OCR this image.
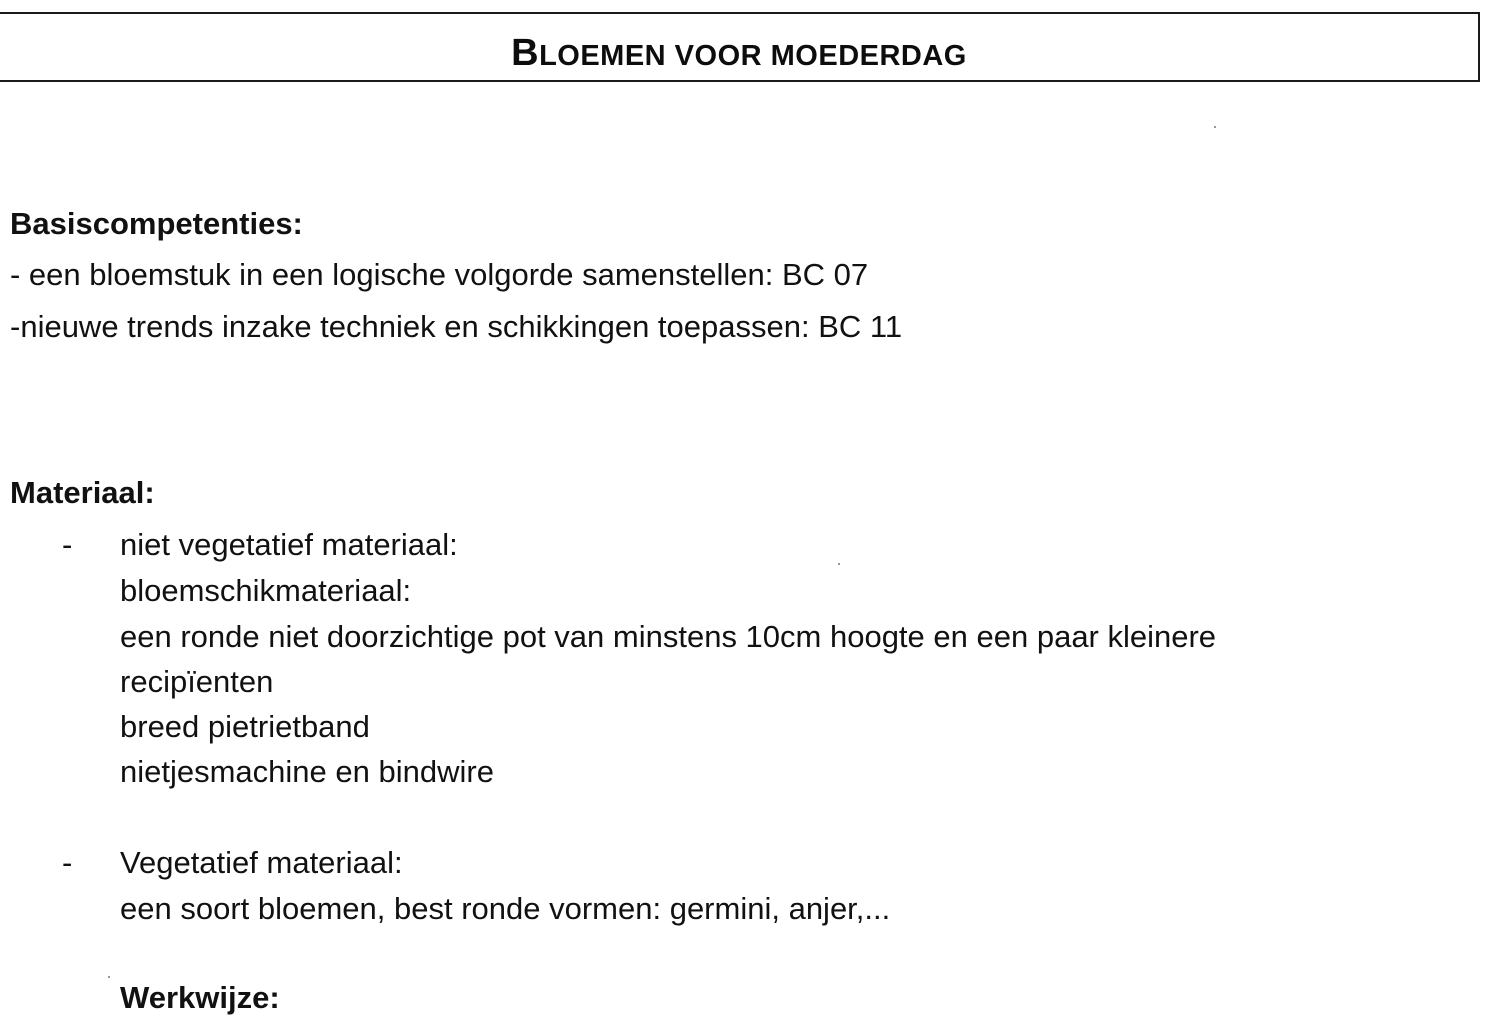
BLOEMEN VOOR MOEDERDAG
Basiscompetenties:
- een bloemstuk in een logische volgorde samenstellen: BC 07
-nieuwe trends inzake techniek en schikkingen toepassen: BC 11
Materiaal:
- niet vegetatief materiaal:
bloemschikmateriaal:
een ronde niet doorzichtige pot van minstens 10cm hoogte en een paar kleinere
recipïenten
breed pietrietband
nietjesmachine en bindwire
- Vegetatief materiaal:
een soort bloemen, best ronde vormen: germini, anjer,...
Werkwijze:
